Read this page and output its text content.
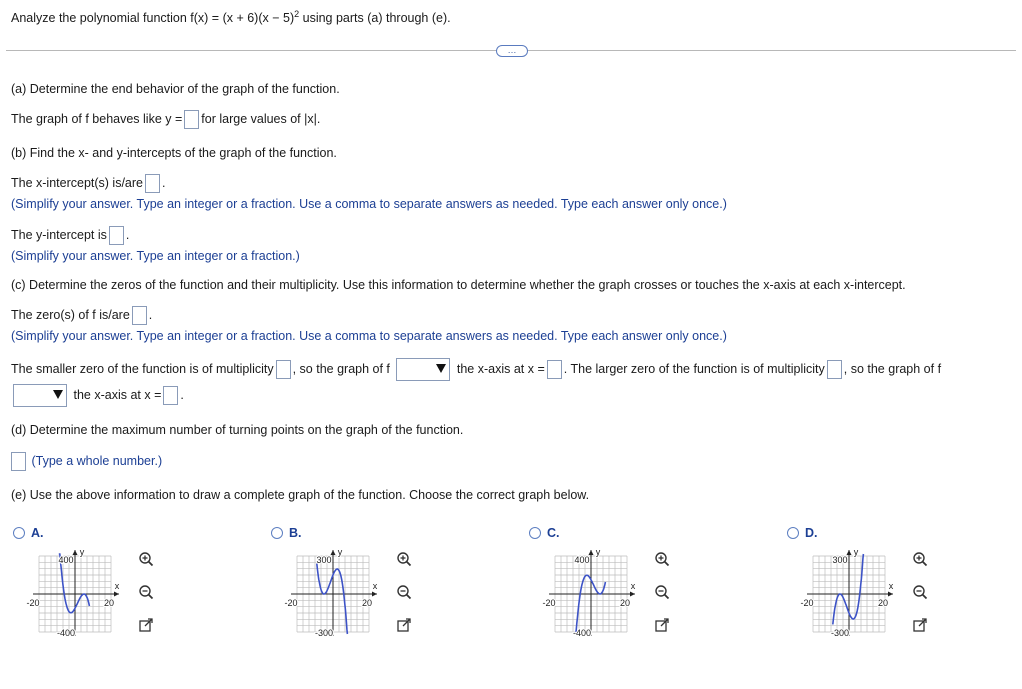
Analyze the polynomial function $f(x) = (x + 6)(x - 5)^2$ using parts (a) through (e).
…
(a) Determine the end behavior of the graph of the function.
The graph of f behaves like y = for large values of |x|.
(b) Find the x- and y-intercepts of the graph of the function.
The x-intercept(s) is/are .
(Simplify your answer. Type an integer or a fraction. Use a comma to separate answers as needed. Type each answer only once.)
The y-intercept is .
(Simplify your answer. Type an integer or a fraction.)
(c) Determine the zeros of the function and their multiplicity. Use this information to determine whether the graph crosses or touches the x-axis at each x-intercept.
The zero(s) of f is/are .
(Simplify your answer. Type an integer or a fraction. Use a comma to separate answers as needed. Type each answer only once.)
The smaller zero of the function is of multiplicity , so the graph of f	the x-axis at x = . The larger zero of the function is of multiplicity , so the graph of f
the x-axis at x = .
(d) Determine the maximum number of turning points on the graph of the function.
(Type a whole number.)
(e) Use the above information to draw a complete graph of the function. Choose the correct graph below.
A.
400
-400
-20	20
x
y
B.
300
-300
-20	20
x
y
C.
400
-400
-20	20
x
y
D.
300
-300
-20	20
x
y
